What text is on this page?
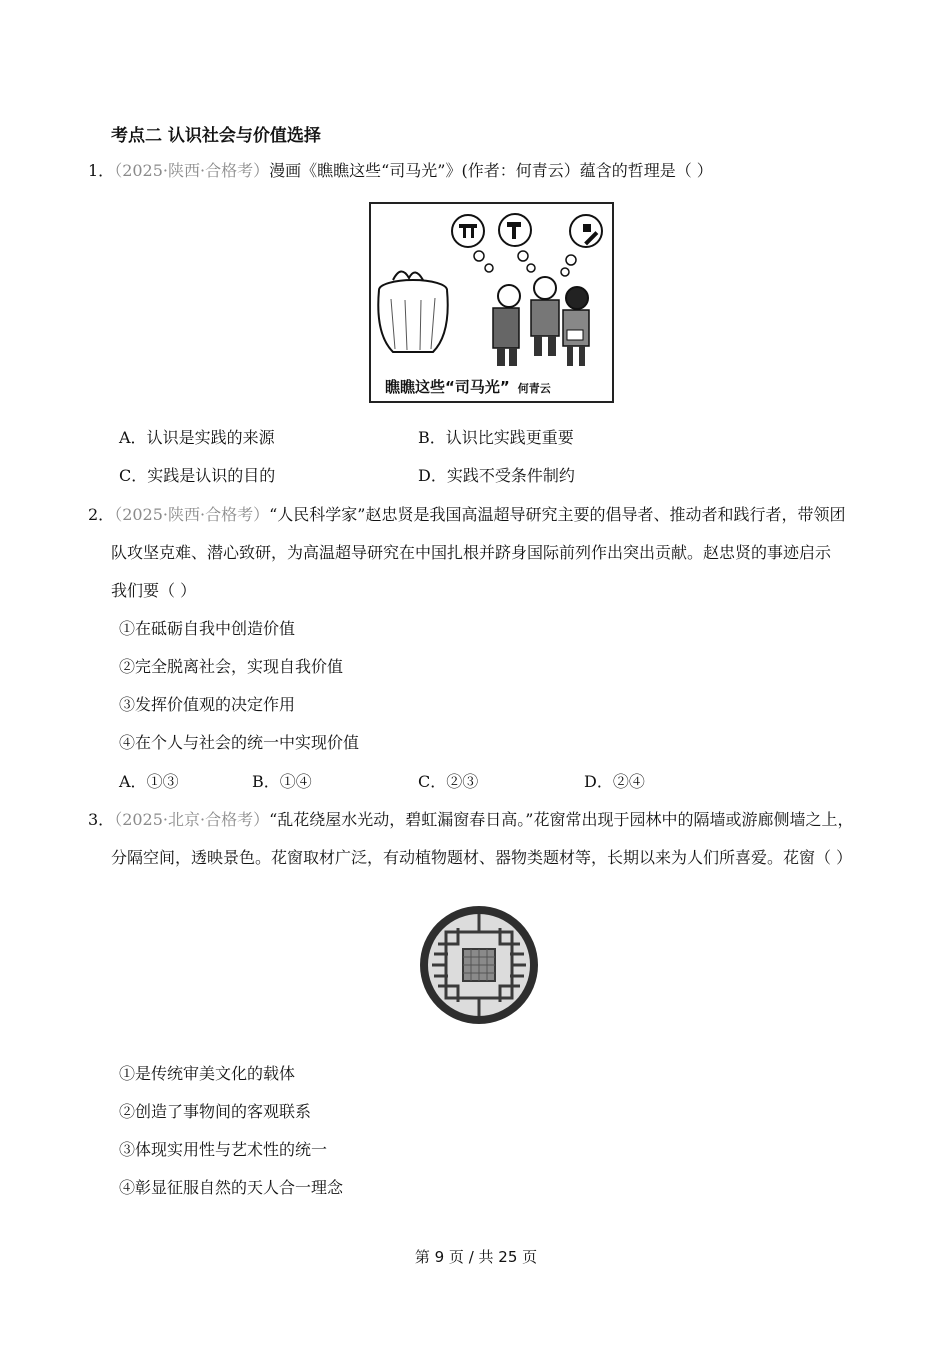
考点二 认识社会与价值选择
1．（2025·陕西·合格考）漫画《瞧瞧这些“司马光”》(作者：何青云）蕴含的哲理是（ ）
瞧瞧这些“司马光” 何青云
A．认识是实践的来源	B．认识比实践更重要
C．实践是认识的目的	D．实践不受条件制约
2．（2025·陕西·合格考）“人民科学家”赵忠贤是我国高温超导研究主要的倡导者、推动者和践行者，带领团
队攻坚克难、潜心致研，为高温超导研究在中国扎根并跻身国际前列作出突出贡献。赵忠贤的事迹启示
我们要（ ）
①在砥砺自我中创造价值
②完全脱离社会，实现自我价值
③发挥价值观的决定作用
④在个人与社会的统一中实现价值
A．①③	B．①④	C．②③	D．②④
3．（2025·北京·合格考）“乱花绕屋水光动，碧虹漏窗春日高。”花窗常出现于园林中的隔墙或游廊侧墙之上，
分隔空间，透映景色。花窗取材广泛，有动植物题材、器物类题材等，长期以来为人们所喜爱。花窗（ ）
①是传统审美文化的载体
②创造了事物间的客观联系
③体现实用性与艺术性的统一
④彰显征服自然的天人合一理念
第 9 页 / 共 25 页
